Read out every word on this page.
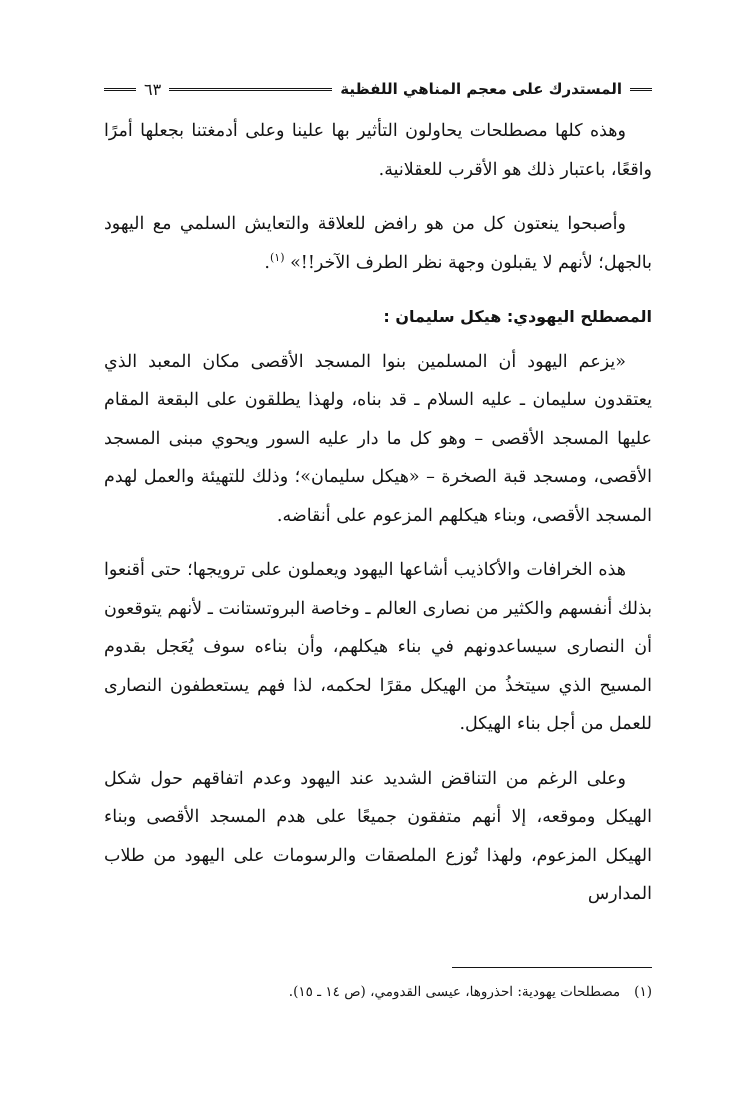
المستدرك على معجم المناهي اللفظية
٦٣

وهذه كلها مصطلحات يحاولون التأثير بها علينا وعلى أدمغتنا بجعلها أمرًا واقعًا، باعتبار ذلك هو الأقرب للعقلانية.

وأصبحوا ينعتون كل من هو رافض للعلاقة والتعايش السلمي مع اليهود بالجهل؛ لأنهم لا يقبلون وجهة نظر الطرف الآخر!!» $^{(١)}$.

المصطلح اليهودي: هيكل سليمان :

«يزعم اليهود أن المسلمين بنوا المسجد الأقصى مكان المعبد الذي يعتقدون سليمان ـ عليه السلام ـ قد بناه، ولهذا يطلقون على البقعة المقام عليها المسجد الأقصى – وهو كل ما دار عليه السور ويحوي مبنى المسجد الأقصى، ومسجد قبة الصخرة – «هيكل سليمان»؛ وذلك للتهيئة والعمل لهدم المسجد الأقصى، وبناء هيكلهم المزعوم على أنقاضه.

هذه الخرافات والأكاذيب أشاعها اليهود ويعملون على ترويجها؛ حتى أقنعوا بذلك أنفسهم والكثير من نصارى العالم ـ وخاصة البروتستانت ـ لأنهم يتوقعون أن النصارى سيساعدونهم في بناء هيكلهم، وأن بناءه سوف يُعَجل بقدوم المسيح الذي سيتخذُ من الهيكل مقرًا لحكمه، لذا فهم يستعطفون النصارى للعمل من أجل بناء الهيكل.

وعلى الرغم من التناقض الشديد عند اليهود وعدم اتفاقهم حول شكل الهيكل وموقعه، إلا أنهم متفقون جميعًا على هدم المسجد الأقصى وبناء الهيكل المزعوم، ولهذا تُوزع الملصقات والرسومات على اليهود من طلاب المدارس

(١)مصطلحات يهودية: احذروها، عيسى القدومي، (ص ١٤ ـ ١٥).
